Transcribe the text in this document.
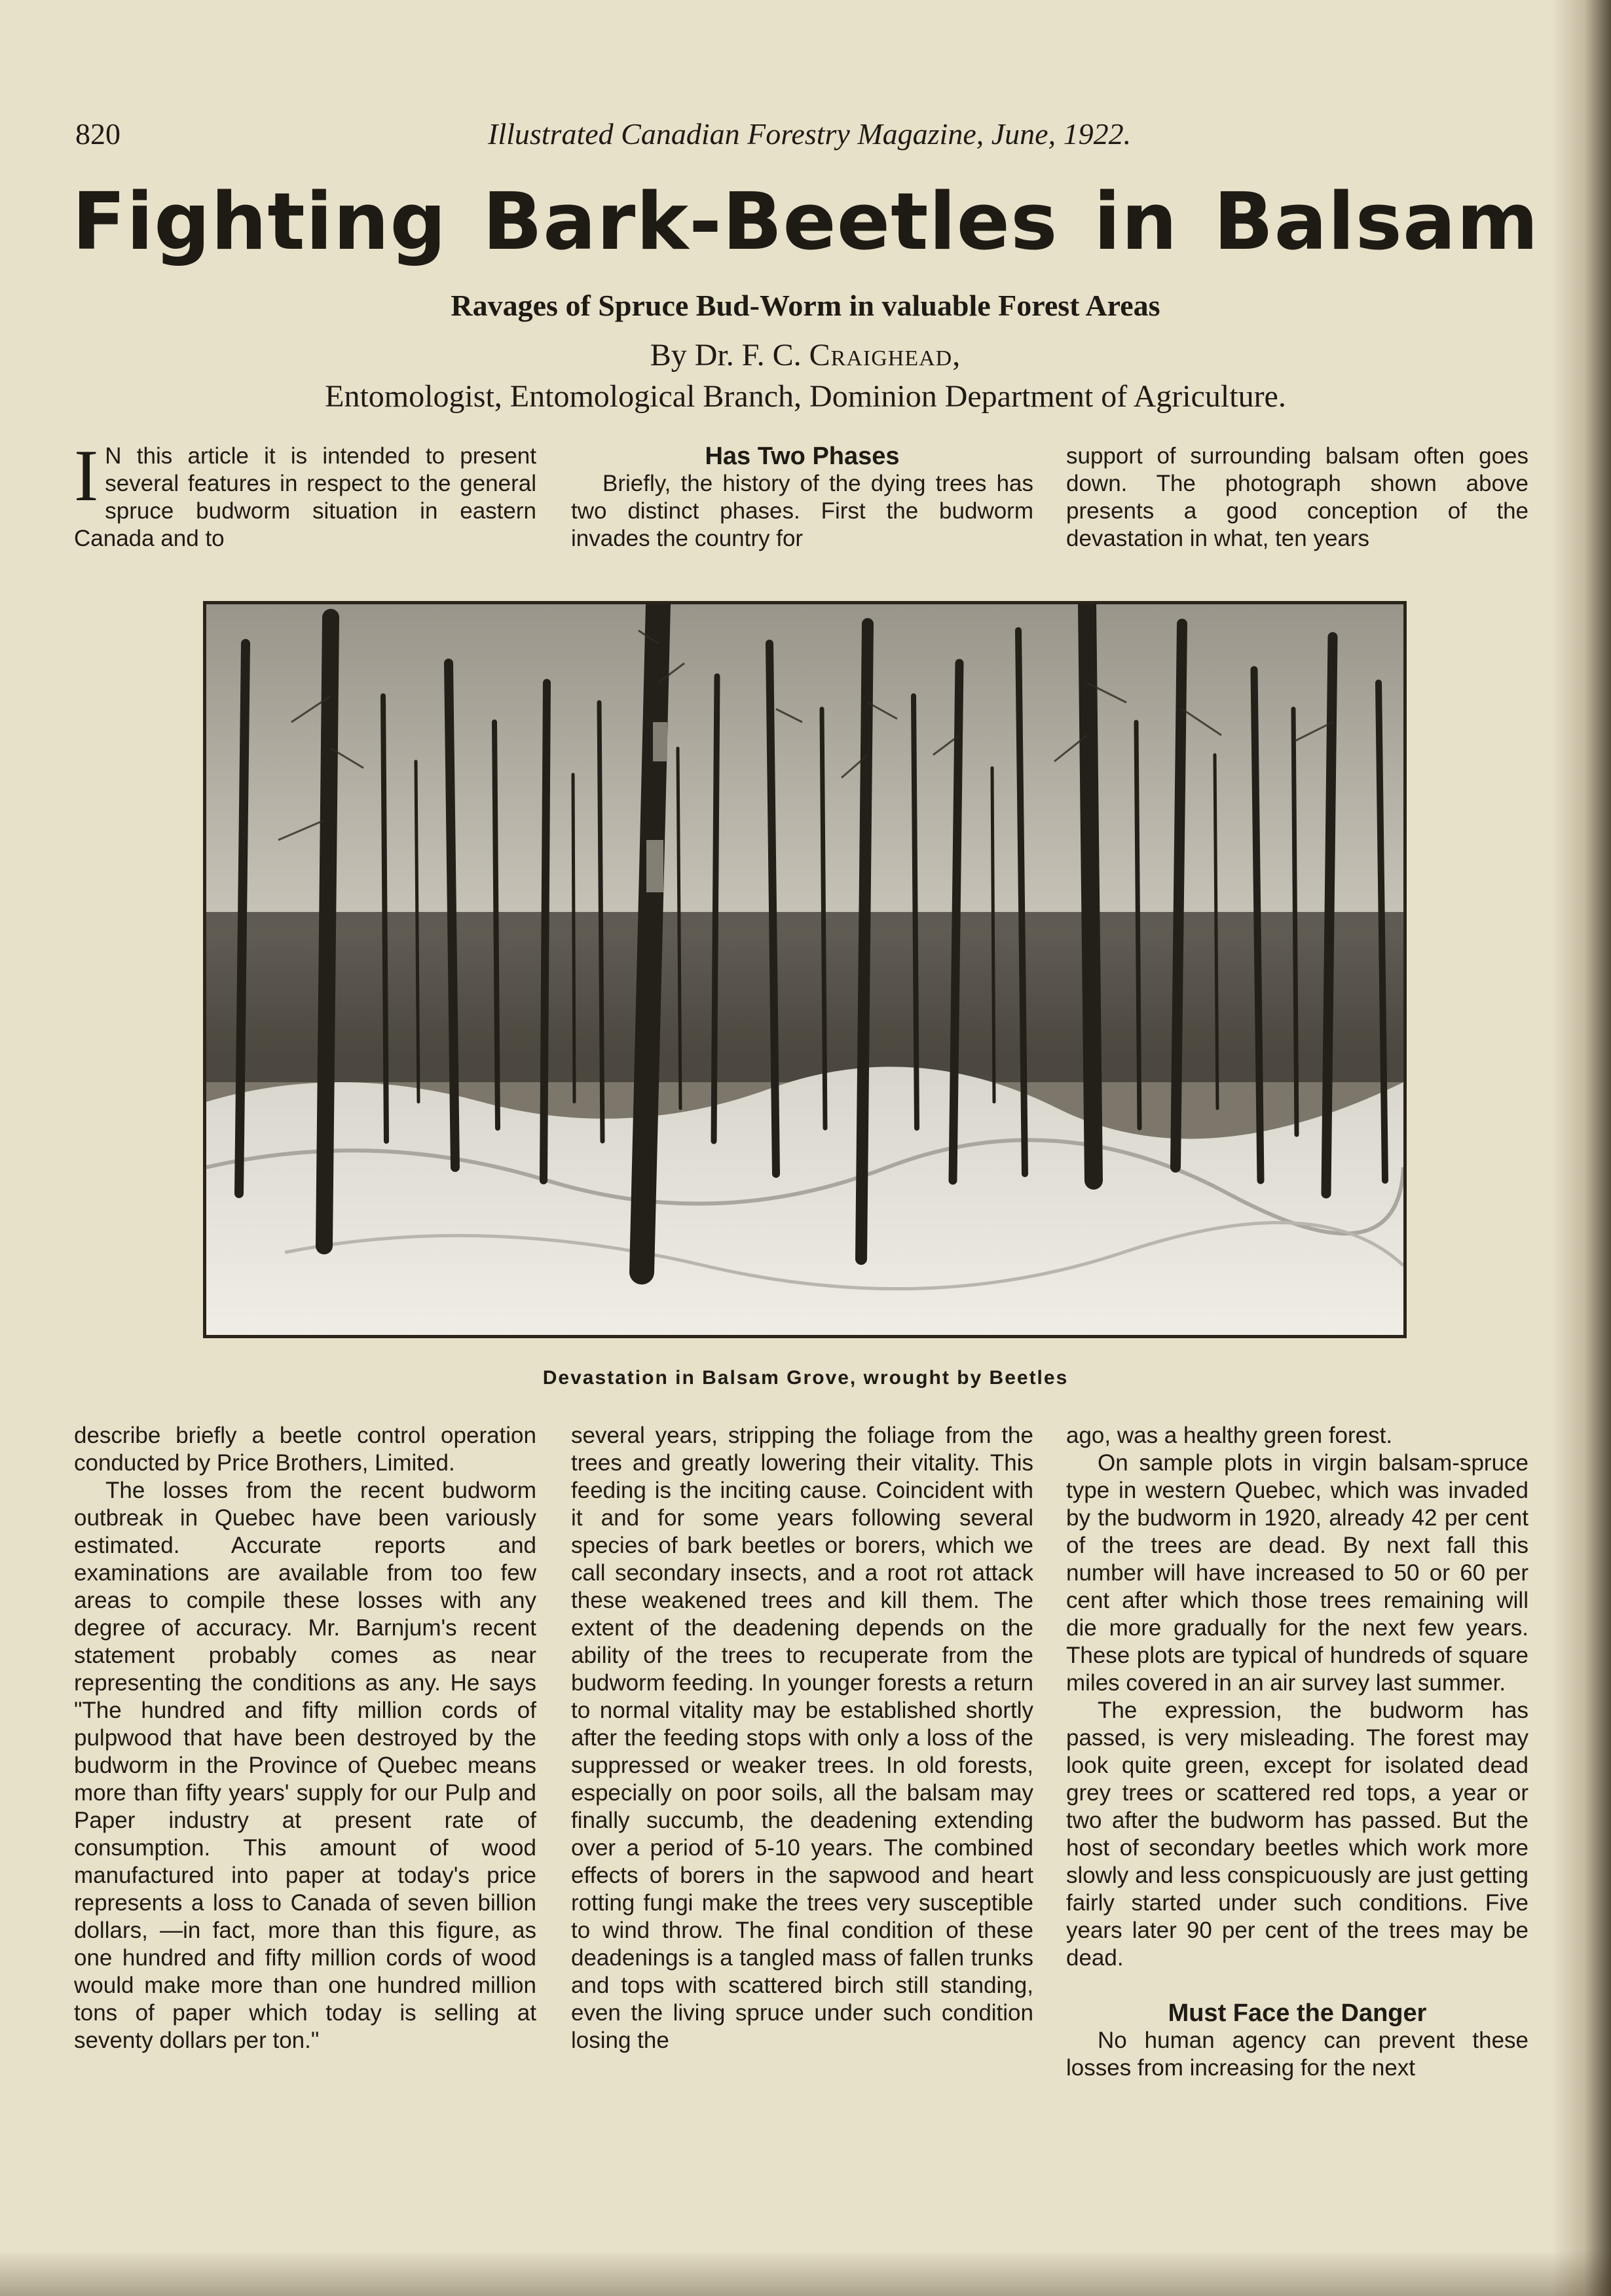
820	Illustrated Canadian Forestry Magazine, June, 1922.
Fighting Bark-Beetles in Balsam
Ravages of Spruce Bud-Worm in valuable Forest Areas
By Dr. F. C. Craighead,
Entomologist, Entomological Branch, Dominion Department of Agriculture.
I N this article it is intended to present several features in respect to the general spruce budworm situation in eastern Canada and to
Has Two Phases

Briefly, the history of the dying trees has two distinct phases. First the budworm invades the country for

support of surrounding balsam often goes down. The photograph shown above presents a good conception of the devastation in what, ten years

Devastation in Balsam Grove, wrought by Beetles

describe briefly a beetle control operation conducted by Price Brothers, Limited.

The losses from the recent budworm outbreak in Quebec have been variously estimated. Accurate reports and examinations are available from too few areas to compile these losses with any degree of accuracy. Mr. Barnjum's recent statement probably comes as near representing the conditions as any. He says "The hundred and fifty million cords of pulpwood that have been destroyed by the budworm in the Province of Quebec means more than fifty years' supply for our Pulp and Paper industry at present rate of consumption. This amount of wood manufactured into paper at today's price represents a loss to Canada of seven billion dollars, —in fact, more than this figure, as one hundred and fifty million cords of wood would make more than one hundred million tons of paper which today is selling at seventy dollars per ton."

several years, stripping the foliage from the trees and greatly lowering their vitality. This feeding is the inciting cause. Coincident with it and for some years following several species of bark beetles or borers, which we call secondary insects, and a root rot attack these weakened trees and kill them. The extent of the deadening depends on the ability of the trees to recuperate from the budworm feeding. In younger forests a return to normal vitality may be established shortly after the feeding stops with only a loss of the suppressed or weaker trees. In old forests, especially on poor soils, all the balsam may finally succumb, the deadening extending over a period of 5-10 years. The combined effects of borers in the sapwood and heart rotting fungi make the trees very susceptible to wind throw. The final condition of these deadenings is a tangled mass of fallen trunks and tops with scattered birch still standing, even the living spruce under such condition losing the

ago, was a healthy green forest.

On sample plots in virgin balsam-spruce type in western Quebec, which was invaded by the budworm in 1920, already 42 per cent of the trees are dead. By next fall this number will have increased to 50 or 60 per cent after which those trees remaining will die more gradually for the next few years. These plots are typical of hundreds of square miles covered in an air survey last summer.

The expression, the budworm has passed, is very misleading. The forest may look quite green, except for isolated dead grey trees or scattered red tops, a year or two after the budworm has passed. But the host of secondary beetles which work more slowly and less conspicuously are just getting fairly started under such conditions. Five years later 90 per cent of the trees may be dead.

Must Face the Danger

No human agency can prevent these losses from increasing for the next
